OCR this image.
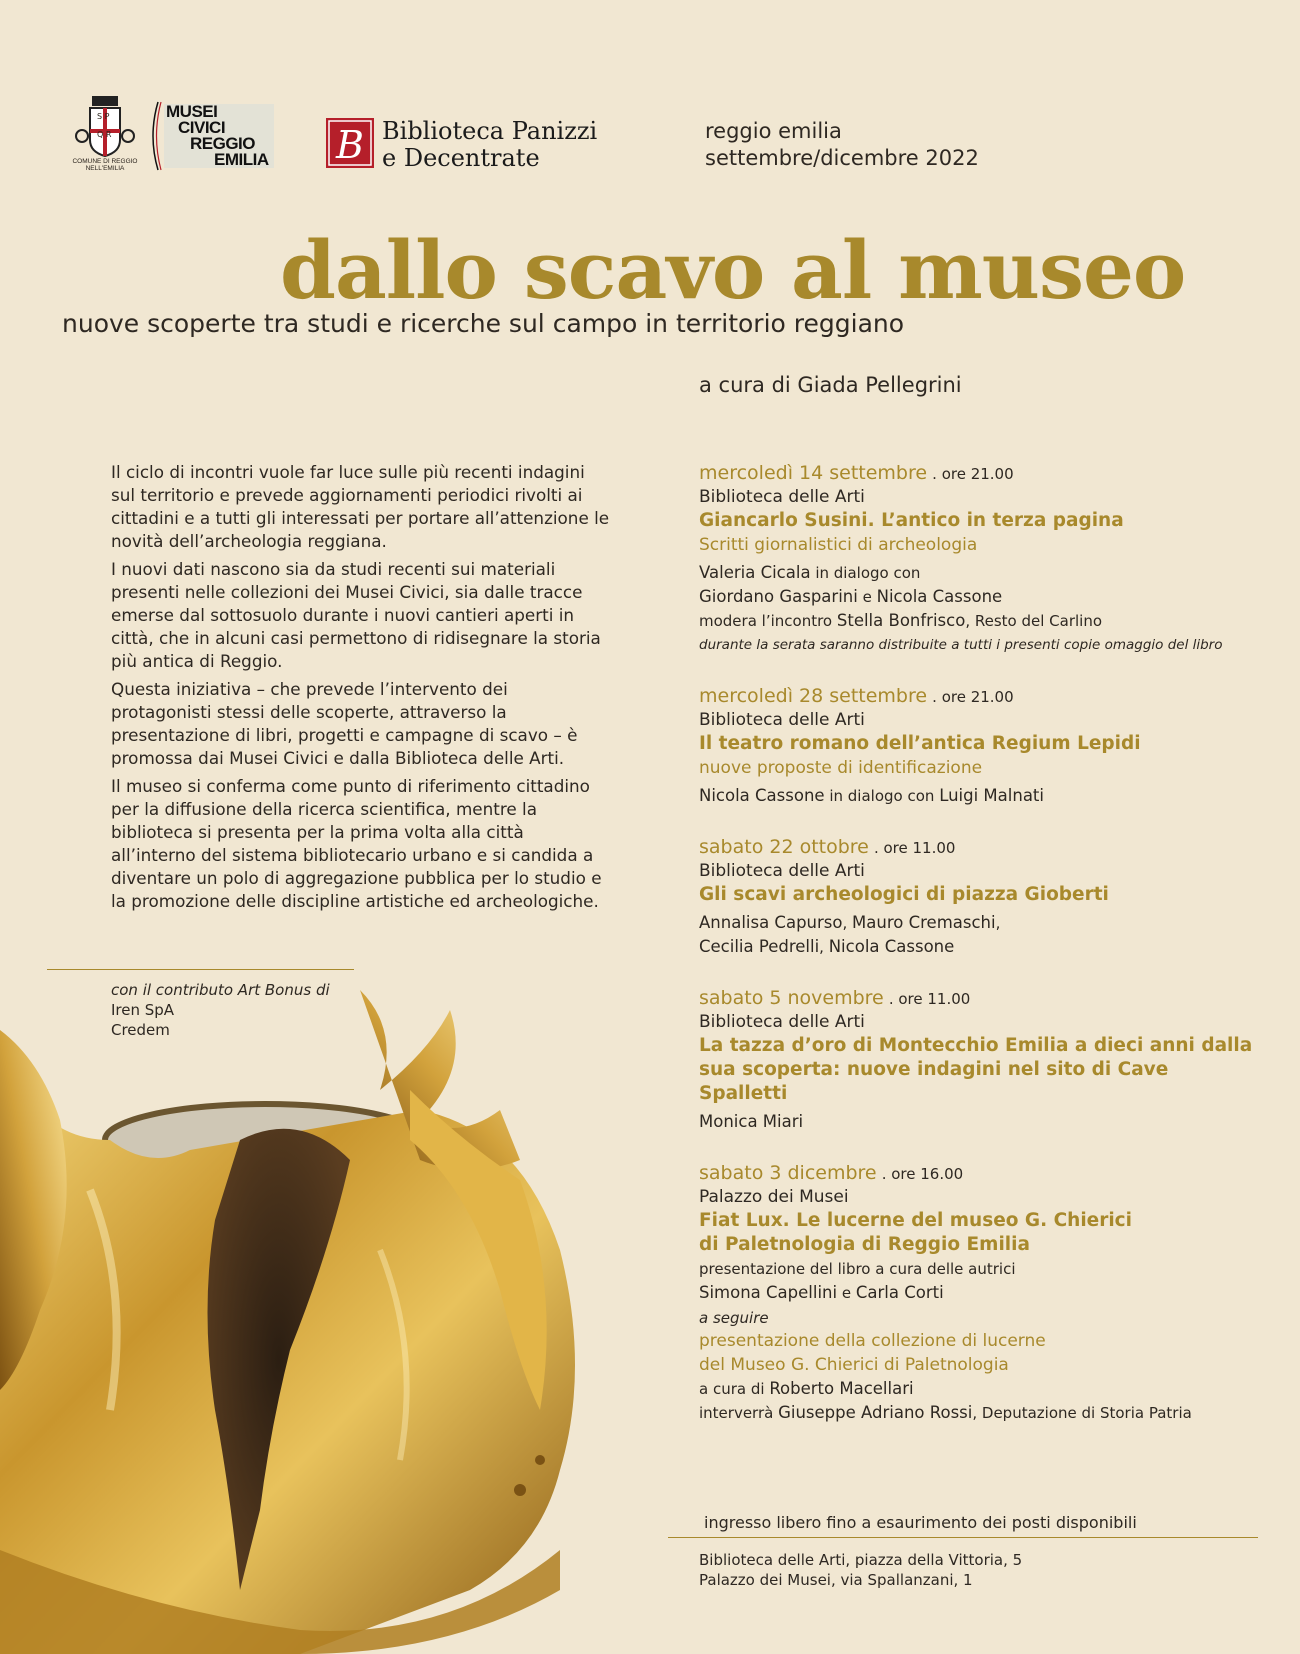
S P
Q R
COMUNE DI REGGIO NELL'EMILIA
MUSEI
CIVICI
REGGIO
EMILIA B Biblioteca Panizzi
e Decentrate
reggio emilia
settembre/dicembre 2022
dallo scavo al museo
nuove scoperte tra studi e ricerche sul campo in territorio reggiano
a cura di Giada Pellegrini

Il ciclo di incontri vuole far luce sulle più recenti indagini sul territorio e prevede aggiornamenti periodici rivolti ai cittadini e a tutti gli interessati per portare all’attenzione le novità dell’archeologia reggiana.

I nuovi dati nascono sia da studi recenti sui materiali presenti nelle collezioni dei Musei Civici, sia dalle tracce emerse dal sottosuolo durante i nuovi cantieri aperti in città, che in alcuni casi permettono di ridisegnare la storia più antica di Reggio.

Questa iniziativa – che prevede l’intervento dei protagonisti stessi delle scoperte, attraverso la presentazione di libri, progetti e campagne di scavo – è promossa dai Musei Civici e dalla Biblioteca delle Arti.

Il museo si conferma come punto di riferimento cittadino per la diffusione della ricerca scientifica, mentre la biblioteca si presenta per la prima volta alla città all’interno del sistema bibliotecario urbano e si candida a diventare un polo di aggregazione pubblica per lo studio e la promozione delle discipline artistiche ed archeologiche.

con il contributo Art Bonus di
Iren SpA
Credem
mercoledì 14 settembre . ore 21.00
Biblioteca delle Arti
Giancarlo Susini. L’antico in terza pagina
Scritti giornalistici di archeologia
Valeria Cicala in dialogo con
Giordano Gasparini e Nicola Cassone
modera l’incontro Stella Bonfrisco, Resto del Carlino
durante la serata saranno distribuite a tutti i presenti copie omaggio del libro
mercoledì 28 settembre . ore 21.00
Biblioteca delle Arti
Il teatro romano dell’antica Regium Lepidi
nuove proposte di identificazione
Nicola Cassone in dialogo con Luigi Malnati
sabato 22 ottobre . ore 11.00
Biblioteca delle Arti
Gli scavi archeologici di piazza Gioberti
Annalisa Capurso, Mauro Cremaschi,
Cecilia Pedrelli, Nicola Cassone
sabato 5 novembre . ore 11.00
Biblioteca delle Arti
La tazza d’oro di Montecchio Emilia a dieci anni dalla
sua scoperta: nuove indagini nel sito di Cave Spalletti
Monica Miari
sabato 3 dicembre . ore 16.00
Palazzo dei Musei
Fiat Lux. Le lucerne del museo G. Chierici
di Paletnologia di Reggio Emilia
presentazione del libro a cura delle autrici
Simona Capellini e Carla Corti
a seguire
presentazione della collezione di lucerne
del Museo G. Chierici di Paletnologia
a cura di Roberto Macellari
interverrà Giuseppe Adriano Rossi, Deputazione di Storia Patria
ingresso libero fino a esaurimento dei posti disponibili
Biblioteca delle Arti, piazza della Vittoria, 5
Palazzo dei Musei, via Spallanzani, 1
